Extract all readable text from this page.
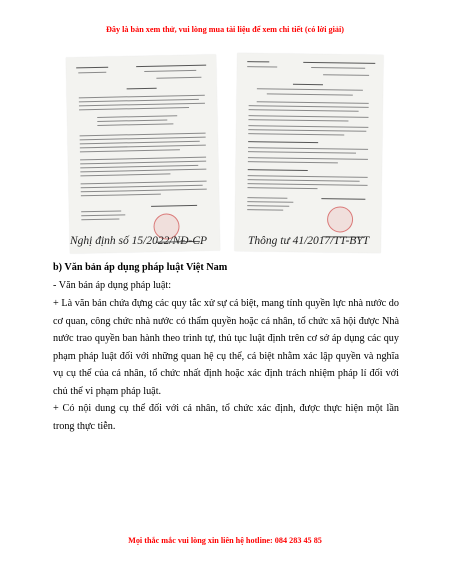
Đây là bản xem thử, vui lòng mua tài liệu để xem chi tiết (có lời giải)
Nghị định số 15/2022/NĐ-CP	Thông tư 41/2017/TT-BYT
b) Văn bản áp dụng pháp luật Việt Nam
- Văn bản áp dụng pháp luật:
+ Là văn bản chứa đựng các quy tắc xử sự cá biệt, mang tính quyền lực nhà nước do cơ quan, công chức nhà nước có thẩm quyền hoặc cá nhân, tổ chức xã hội được Nhà nước trao quyền ban hành theo trình tự, thủ tục luật định trên cơ sở áp dụng các quy phạm pháp luật đối với những quan hệ cụ thể, cá biệt nhằm xác lập quyền và nghĩa vụ cụ thể của cá nhân, tổ chức nhất định hoặc xác định trách nhiệm pháp lí đối với chủ thể vi phạm pháp luật.
+ Có nội dung cụ thể đối với cá nhân, tổ chức xác định, được thực hiện một lần trong thực tiễn.
Mọi thắc mắc vui lòng xin liên hệ hotline: 084 283 45 85
